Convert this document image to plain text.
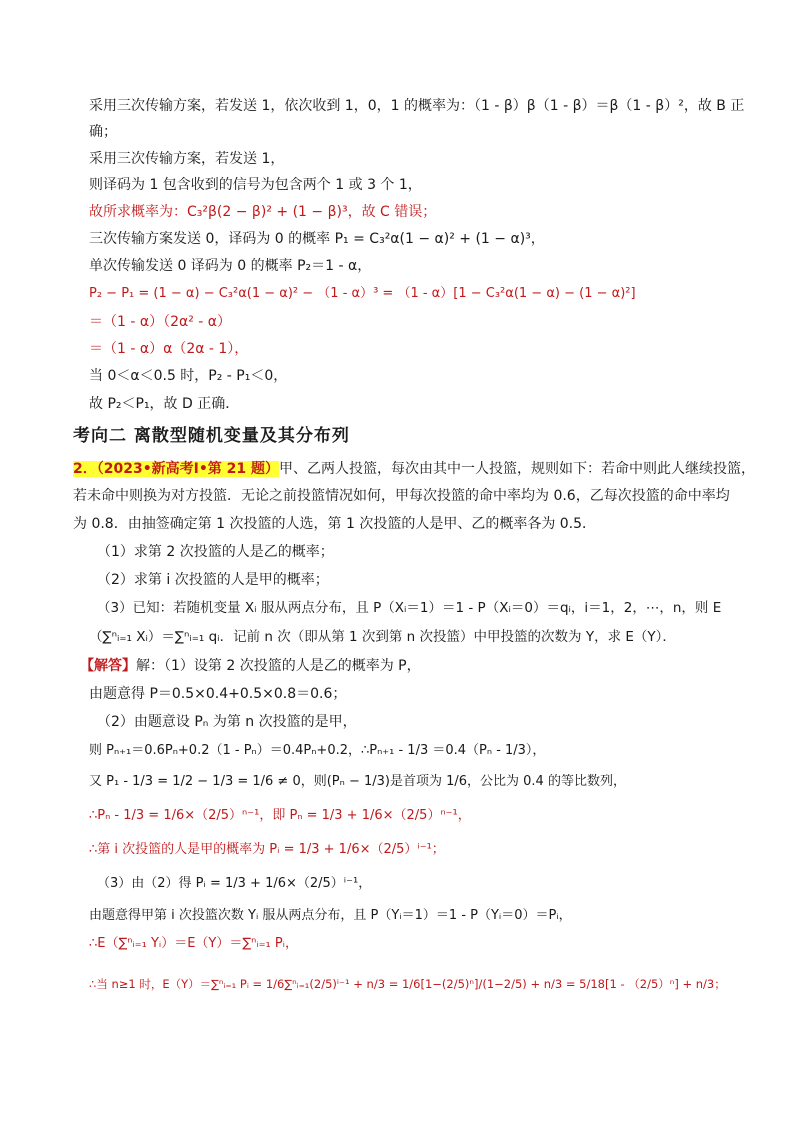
采用三次传输方案，若发送 1，依次收到 1，0，1 的概率为：（1 - β）β（1 - β）＝β（1 - β）²，故 B 正
确；
采用三次传输方案，若发送 1，
则译码为 1 包含收到的信号为包含两个 1 或 3 个 1，
故所求概率为：C₃²β(2 − β)² + (1 − β)³，故 C 错误；
三次传输方案发送 0，译码为 0 的概率 P₁ = C₃²α(1 − α)² + (1 − α)³，
单次传输发送 0 译码为 0 的概率 P₂＝1 - α，
P₂ − P₁ = (1 − α) − C₃²α(1 − α)² − （1 - α）³ = （1 - α）[1 − C₃²α(1 − α) − (1 − α)²]
＝（1 - α）（2α² - α）
＝（1 - α）α（2α - 1），
当 0＜α＜0.5 时，P₂ - P₁＜0，
故 P₂＜P₁，故 D 正确．
考向二 离散型随机变量及其分布列
2．（2023•新高考Ⅰ•第 21 题）甲、乙两人投篮，每次由其中一人投篮，规则如下：若命中则此人继续投篮，
若未命中则换为对方投篮．无论之前投篮情况如何，甲每次投篮的命中率均为 0.6，乙每次投篮的命中率均
为 0.8．由抽签确定第 1 次投篮的人选，第 1 次投篮的人是甲、乙的概率各为 0.5．
（1）求第 2 次投篮的人是乙的概率；
（2）求第 i 次投篮的人是甲的概率；
（3）已知：若随机变量 Xᵢ 服从两点分布，且 P（Xᵢ＝1）＝1 - P（Xᵢ＝0）＝qᵢ，i＝1，2，⋯，n，则 E
（∑ⁿᵢ₌₁ Xᵢ）＝∑ⁿᵢ₌₁ qᵢ．记前 n 次（即从第 1 次到第 n 次投篮）中甲投篮的次数为 Y，求 E（Y）．
【解答】解：（1）设第 2 次投篮的人是乙的概率为 P，
由题意得 P＝0.5×0.4+0.5×0.8＝0.6；
（2）由题意设 Pₙ 为第 n 次投篮的是甲，
则 Pₙ₊₁＝0.6Pₙ+0.2（1 - Pₙ）＝0.4Pₙ+0.2，∴Pₙ₊₁ - 1/3 ＝0.4（Pₙ - 1/3），
又 P₁ - 1/3 = 1/2 − 1/3 = 1/6 ≠ 0，则(Pₙ − 1/3)是首项为 1/6，公比为 0.4 的等比数列，
∴Pₙ - 1/3 = 1/6×（2/5）ⁿ⁻¹，即 Pₙ = 1/3 + 1/6×（2/5）ⁿ⁻¹，
∴第 i 次投篮的人是甲的概率为 Pᵢ = 1/3 + 1/6×（2/5）ⁱ⁻¹；
（3）由（2）得 Pᵢ = 1/3 + 1/6×（2/5）ⁱ⁻¹，
由题意得甲第 i 次投篮次数 Yᵢ 服从两点分布，且 P（Yᵢ＝1）＝1 - P（Yᵢ＝0）＝Pᵢ，
∴E（∑ⁿᵢ₌₁ Yᵢ）＝E（Y）＝∑ⁿᵢ₌₁ Pᵢ，
∴当 n≥1 时，E（Y）＝∑ⁿᵢ₌₁ Pᵢ = 1/6∑ⁿᵢ₌₁(2/5)ⁱ⁻¹ + n/3 = 1/6[1−(2/5)ⁿ]/(1−2/5) + n/3 = 5/18[1 - （2/5）ⁿ] + n/3；
